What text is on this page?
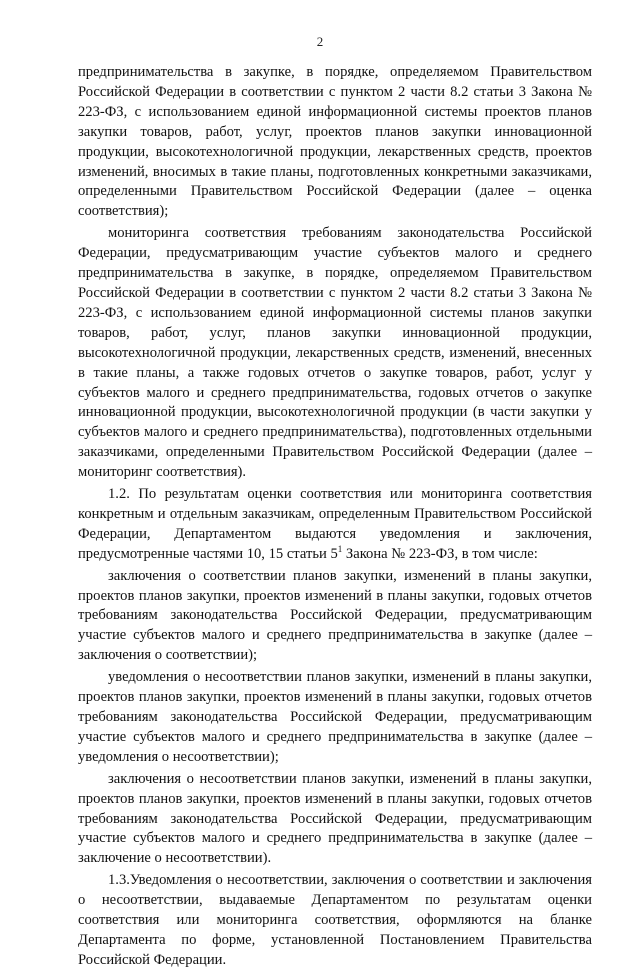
2

предпринимательства в закупке, в порядке, определяемом Правительством Российской Федерации в соответствии с пунктом 2 части 8.2 статьи 3 Закона № 223-ФЗ, с использованием единой информационной системы проектов планов закупки товаров, работ, услуг, проектов планов закупки инновационной продукции, высокотехнологичной продукции, лекарственных средств, проектов изменений, вносимых в такие планы, подготовленных конкретными заказчиками, определенными Правительством Российской Федерации (далее – оценка соответствия);

мониторинга соответствия требованиям законодательства Российской Федерации, предусматривающим участие субъектов малого и среднего предпринимательства в закупке, в порядке, определяемом Правительством Российской Федерации в соответствии с пунктом 2 части 8.2 статьи 3 Закона № 223-ФЗ, с использованием единой информационной системы планов закупки товаров, работ, услуг, планов закупки инновационной продукции, высокотехнологичной продукции, лекарственных средств, изменений, внесенных в такие планы, а также годовых отчетов о закупке товаров, работ, услуг у субъектов малого и среднего предпринимательства, годовых отчетов о закупке инновационной продукции, высокотехнологичной продукции (в части закупки у субъектов малого и среднего предпринимательства), подготовленных отдельными заказчиками, определенными Правительством Российской Федерации (далее – мониторинг соответствия).

1.2. По результатам оценки соответствия или мониторинга соответствия конкретным и отдельным заказчикам, определенным Правительством Российской Федерации, Департаментом выдаются уведомления и заключения, предусмотренные частями 10, 15 статьи $5^1$ Закона № 223-ФЗ, в том числе:

заключения о соответствии планов закупки, изменений в планы закупки, проектов планов закупки, проектов изменений в планы закупки, годовых отчетов требованиям законодательства Российской Федерации, предусматривающим участие субъектов малого и среднего предпринимательства в закупке (далее – заключения о соответствии);

уведомления о несоответствии планов закупки, изменений в планы закупки, проектов планов закупки, проектов изменений в планы закупки, годовых отчетов требованиям законодательства Российской Федерации, предусматривающим участие субъектов малого и среднего предпринимательства в закупке (далее – уведомления о несоответствии);

заключения о несоответствии планов закупки, изменений в планы закупки, проектов планов закупки, проектов изменений в планы закупки, годовых отчетов требованиям законодательства Российской Федерации, предусматривающим участие субъектов малого и среднего предпринимательства в закупке (далее – заключение о несоответствии).

1.3.Уведомления о несоответствии, заключения о соответствии и заключения о несоответствии, выдаваемые Департаментом по результатам оценки соответствия или мониторинга соответствия, оформляются на бланке Департамента по форме, установленной Постановлением Правительства Российской Федерации.
